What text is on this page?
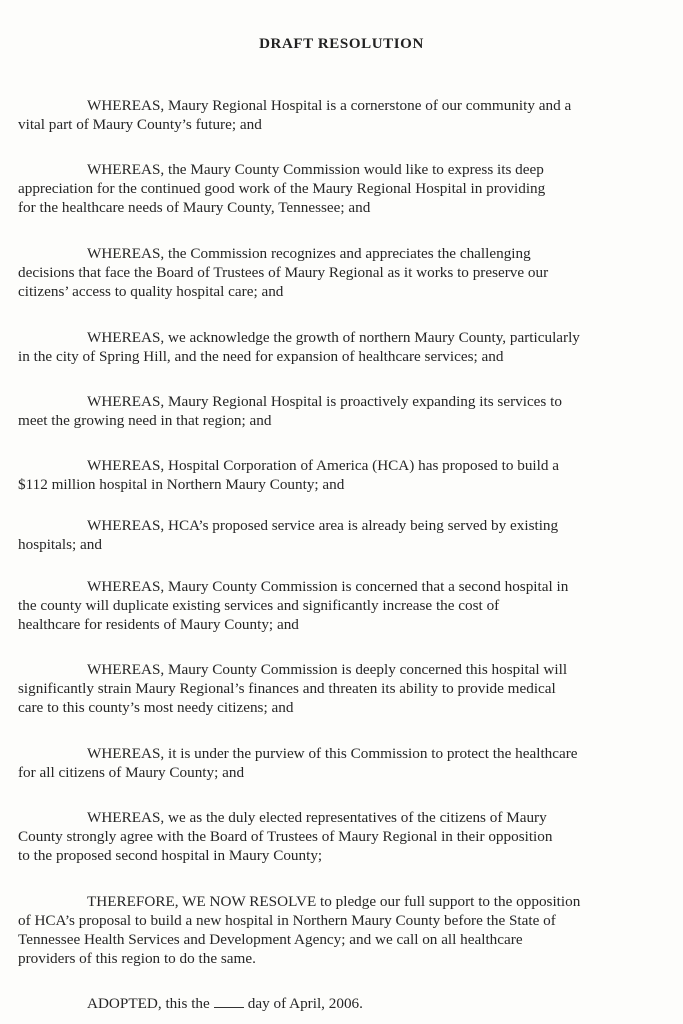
DRAFT RESOLUTION
WHEREAS, Maury Regional Hospital is a cornerstone of our community and a
vital part of Maury County’s future; and
WHEREAS, the Maury County Commission would like to express its deep
appreciation for the continued good work of the Maury Regional Hospital in providing
for the healthcare needs of Maury County, Tennessee; and
WHEREAS, the Commission recognizes and appreciates the challenging
decisions that face the Board of Trustees of Maury Regional as it works to preserve our
citizens’ access to quality hospital care; and
WHEREAS, we acknowledge the growth of northern Maury County, particularly
in the city of Spring Hill, and the need for expansion of healthcare services; and
WHEREAS, Maury Regional Hospital is proactively expanding its services to
meet the growing need in that region; and
WHEREAS, Hospital Corporation of America (HCA) has proposed to build a
$112 million hospital in Northern Maury County; and
WHEREAS, HCA’s proposed service area is already being served by existing
hospitals; and
WHEREAS, Maury County Commission is concerned that a second hospital in
the county will duplicate existing services and significantly increase the cost of
healthcare for residents of Maury County; and
WHEREAS, Maury County Commission is deeply concerned this hospital will
significantly strain Maury Regional’s finances and threaten its ability to provide medical
care to this county’s most needy citizens; and
WHEREAS, it is under the purview of this Commission to protect the healthcare
for all citizens of Maury County; and
WHEREAS, we as the duly elected representatives of the citizens of Maury
County strongly agree with the Board of Trustees of Maury Regional in their opposition
to the proposed second hospital in Maury County;
THEREFORE, WE NOW RESOLVE to pledge our full support to the opposition
of HCA’s proposal to build a new hospital in Northern Maury County before the State of
Tennessee Health Services and Development Agency; and we call on all healthcare
providers of this region to do the same.
ADOPTED, this the	day of April, 2006.
